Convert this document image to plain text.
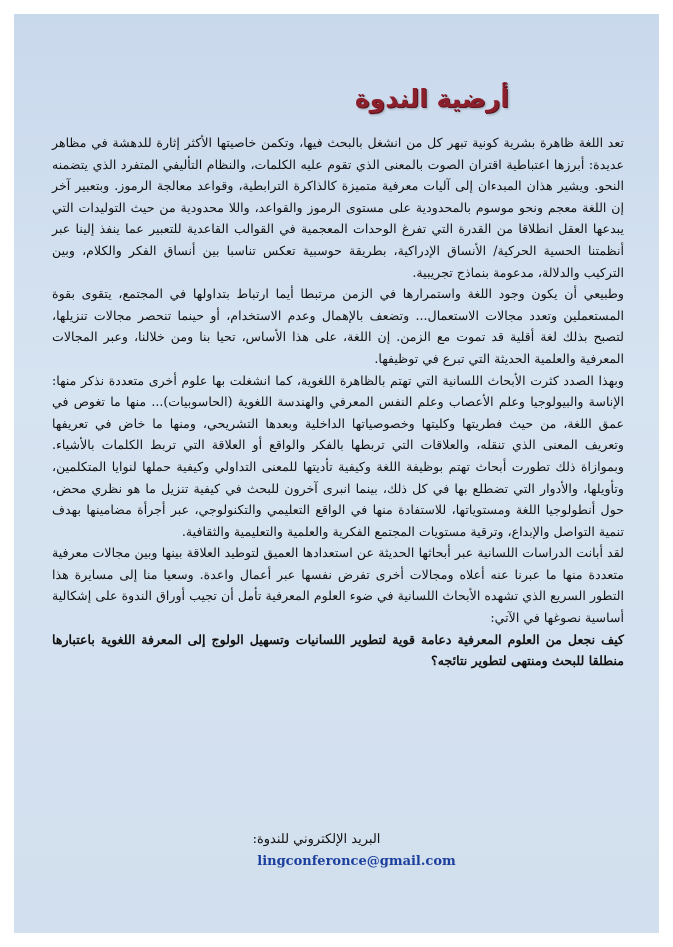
أرضية الندوة

تعد اللغة ظاهرة بشرية كونية تبهر كل من انشغل بالبحث فيها، وتكمن خاصيتها الأكثر إثارة للدهشة في مظاهر عديدة: أبرزها اعتباطية اقتران الصوت بالمعنى الذي تقوم عليه الكلمات، والنظام التأليفي المتفرد الذي يتضمنه النحو. ويشير هذان المبدءان إلى آليات معرفية متميزة كالذاكرة الترابطية، وقواعد معالجة الرموز. وبتعبير آخر إن اللغة معجم ونحو موسوم بالمحدودية على مستوى الرموز والقواعد، واللا محدودية من حيث التوليدات التي يبدعها العقل انطلاقا من القدرة التي تفرغ الوحدات المعجمية في القوالب القاعدية للتعبير عما ينفذ إلينا عبر أنظمتنا الحسية الحركية/ الأنساق الإدراكية، بطريقة حوسبية تعكس تناسبا بين أنساق الفكر والكلام، وبين التركيب والدلالة، مدعومة بنماذج تجريبية.

وطبيعي أن يكون وجود اللغة واستمرارها في الزمن مرتبطا أيما ارتباط بتداولها في المجتمع، يتقوى بقوة المستعملين وتعدد مجالات الاستعمال... وتضعف بالإهمال وعدم الاستخدام، أو حينما تنحصر مجالات تنزيلها، لتصبح بذلك لغة أقلية قد تموت مع الزمن. إن اللغة، على هذا الأساس، تحيا بنا ومن خلالنا، وعبر المجالات المعرفية والعلمية الحديثة التي تبرع في توظيفها.

وبهذا الصدد كثرت الأبحاث اللسانية التي تهتم بالظاهرة اللغوية، كما انشغلت بها علوم أخرى متعددة نذكر منها: الإناسة والبيولوجيا وعلم الأعصاب وعلم النفس المعرفي والهندسة اللغوية (الحاسوبيات)... منها ما تغوص في عمق اللغة، من حيث فطريتها وكليتها وخصوصياتها الداخلية وبعدها التشريحي، ومنها ما خاض في تعريفها وتعريف المعنى الذي تنقله، والعلاقات التي تربطها بالفكر والواقع أو العلاقة التي تربط الكلمات بالأشياء. وبموازاة ذلك تطورت أبحاث تهتم بوظيفة اللغة وكيفية تأديتها للمعنى التداولي وكيفية حملها لنوايا المتكلمين، وتأويلها، والأدوار التي تضطلع بها في كل ذلك، بينما انبرى آخرون للبحث في كيفية تنزيل ما هو نظري محض، حول أنطولوجيا اللغة ومستوياتها، للاستفادة منها في الواقع التعليمي والتكنولوجي، عبر أجرأة مضامينها بهدف تنمية التواصل والإبداع، وترقية مستويات المجتمع الفكرية والعلمية والتعليمية والثقافية.

لقد أبانت الدراسات اللسانية عبر أبحاثها الحديثة عن استعدادها العميق لتوطيد العلاقة بينها وبين مجالات معرفية متعددة منها ما عبرنا عنه أعلاه ومجالات أخرى تفرض نفسها عبر أعمال واعدة. وسعيا منا إلى مسايرة هذا التطور السريع الذي تشهده الأبحاث اللسانية في ضوء العلوم المعرفية تأمل أن تجيب أوراق الندوة على إشكالية أساسية نصوغها في الآتي:

كيف نجعل من العلوم المعرفية دعامة قوية لتطوير اللسانيات وتسهيل الولوج إلى المعرفة اللغوية باعتبارها منطلقا للبحث ومنتهى لتطوير نتائجه؟

البريد الإلكتروني للندوة:
lingconferonce@gmail.com
